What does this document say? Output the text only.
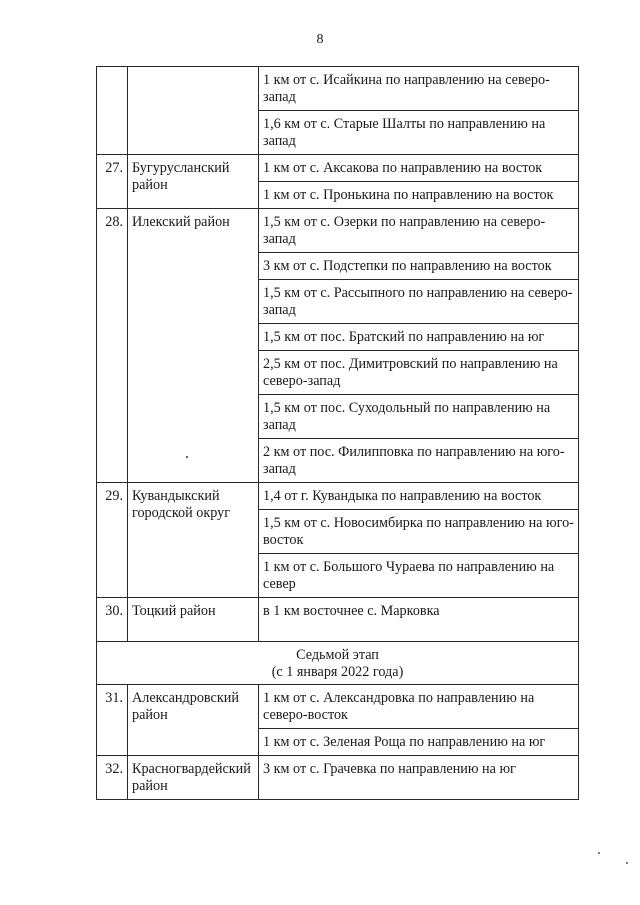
8
		1 км от с. Исайкина по направлению на северо-запад
		1,6 км от с. Старые Шалты по направлению на запад
27.	Бугурусланский район	1 км от с. Аксакова по направлению на восток
		1 км от с. Пронькина по направлению на восток
28.	Илекский район	1,5 км от с. Озерки по направлению на северо-запад
		3 км от с. Подстепки по направлению на восток
		1,5 км от с. Рассыпного по направлению на северо-запад
		1,5 км от пос. Братский по направлению на юг
		2,5 км от пос. Димитровский по направлению на северо-запад
		1,5 км от пос. Суходольный по направлению на запад
		2 км от пос. Филипповка по направлению на юго-запад
29.	Кувандыкский городской округ	1,4 от г. Кувандыка по направлению на восток
		1,5 км от с. Новосимбирка по направлению на юго-восток
		1 км от с. Большого Чураева по направлению на север
30.	Тоцкий район	в 1 км восточнее с. Марковка

Седьмой этап
(с 1 января 2022 года)		

31.	Александровский район	1 км от с. Александровка по направлению на северо-восток
		1 км от с. Зеленая Роща по направлению на юг
32.	Красногвардейский район	3 км от с. Грачевка по направлению на юг
